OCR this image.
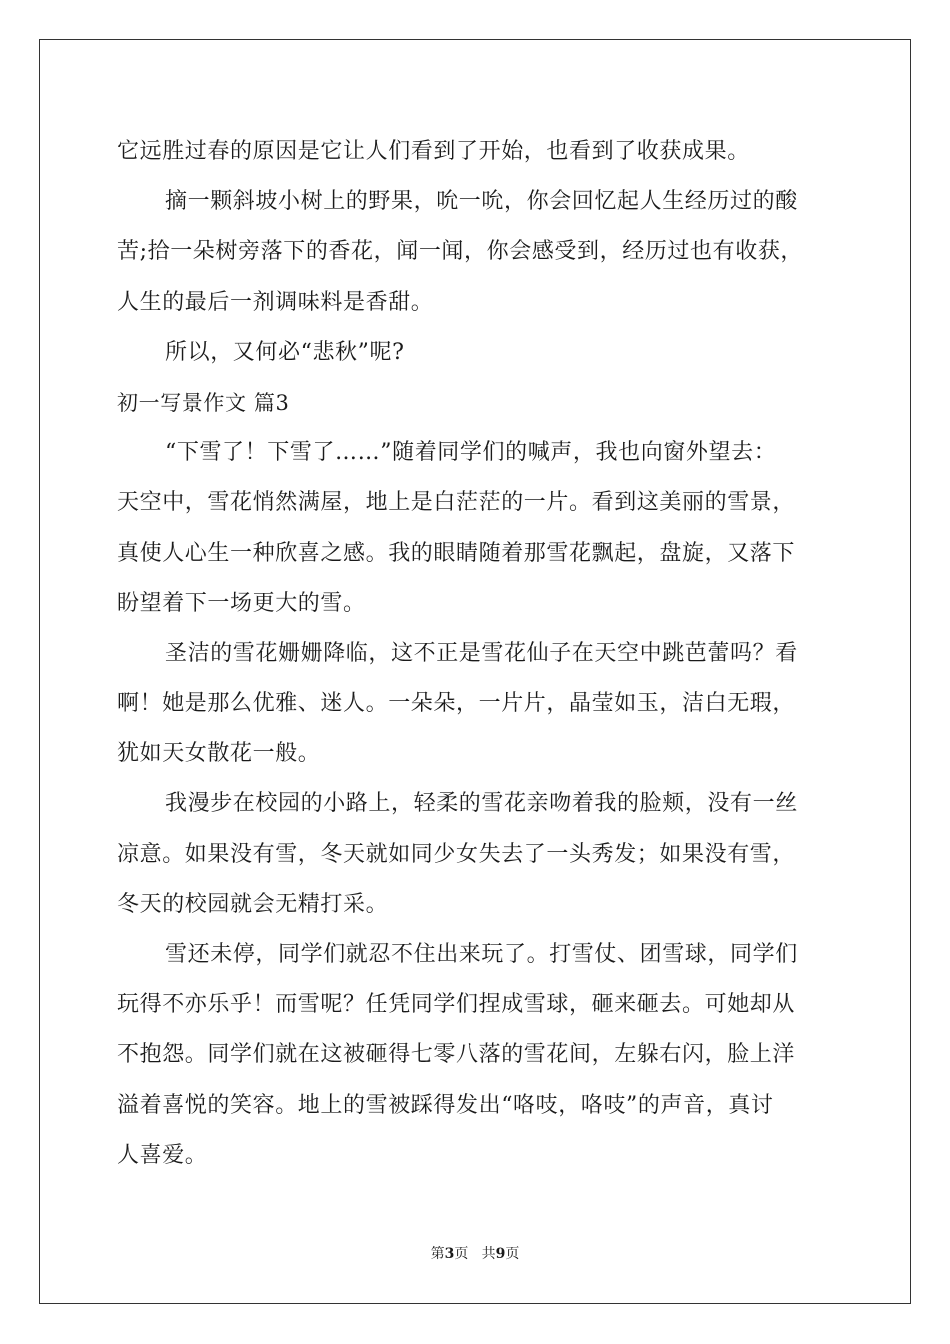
它远胜过春的原因是它让人们看到了开始，也看到了收获成果。
摘一颗斜坡小树上的野果，吮一吮，你会回忆起人生经历过的酸
苦;拾一朵树旁落下的香花，闻一闻，你会感受到，经历过也有收获，
人生的最后一剂调味料是香甜。
所以，又何必“悲秋”呢?
初一写景作文 篇3
“下雪了！下雪了……”随着同学们的喊声，我也向窗外望去：
天空中，雪花悄然满屋，地上是白茫茫的一片。看到这美丽的雪景，
真使人心生一种欣喜之感。我的眼睛随着那雪花飘起，盘旋，又落下
盼望着下一场更大的雪。
圣洁的雪花姗姗降临，这不正是雪花仙子在天空中跳芭蕾吗？看
啊！她是那么优雅、迷人。一朵朵，一片片，晶莹如玉，洁白无瑕，
犹如天女散花一般。
我漫步在校园的小路上，轻柔的雪花亲吻着我的脸颊，没有一丝
凉意。如果没有雪，冬天就如同少女失去了一头秀发；如果没有雪，
冬天的校园就会无精打采。
雪还未停，同学们就忍不住出来玩了。打雪仗、团雪球，同学们
玩得不亦乐乎！而雪呢？任凭同学们捏成雪球，砸来砸去。可她却从
不抱怨。同学们就在这被砸得七零八落的雪花间，左躲右闪，脸上洋
溢着喜悦的笑容。地上的雪被踩得发出“咯吱，咯吱”的声音，真讨
人喜爱。
第3页 共9页
